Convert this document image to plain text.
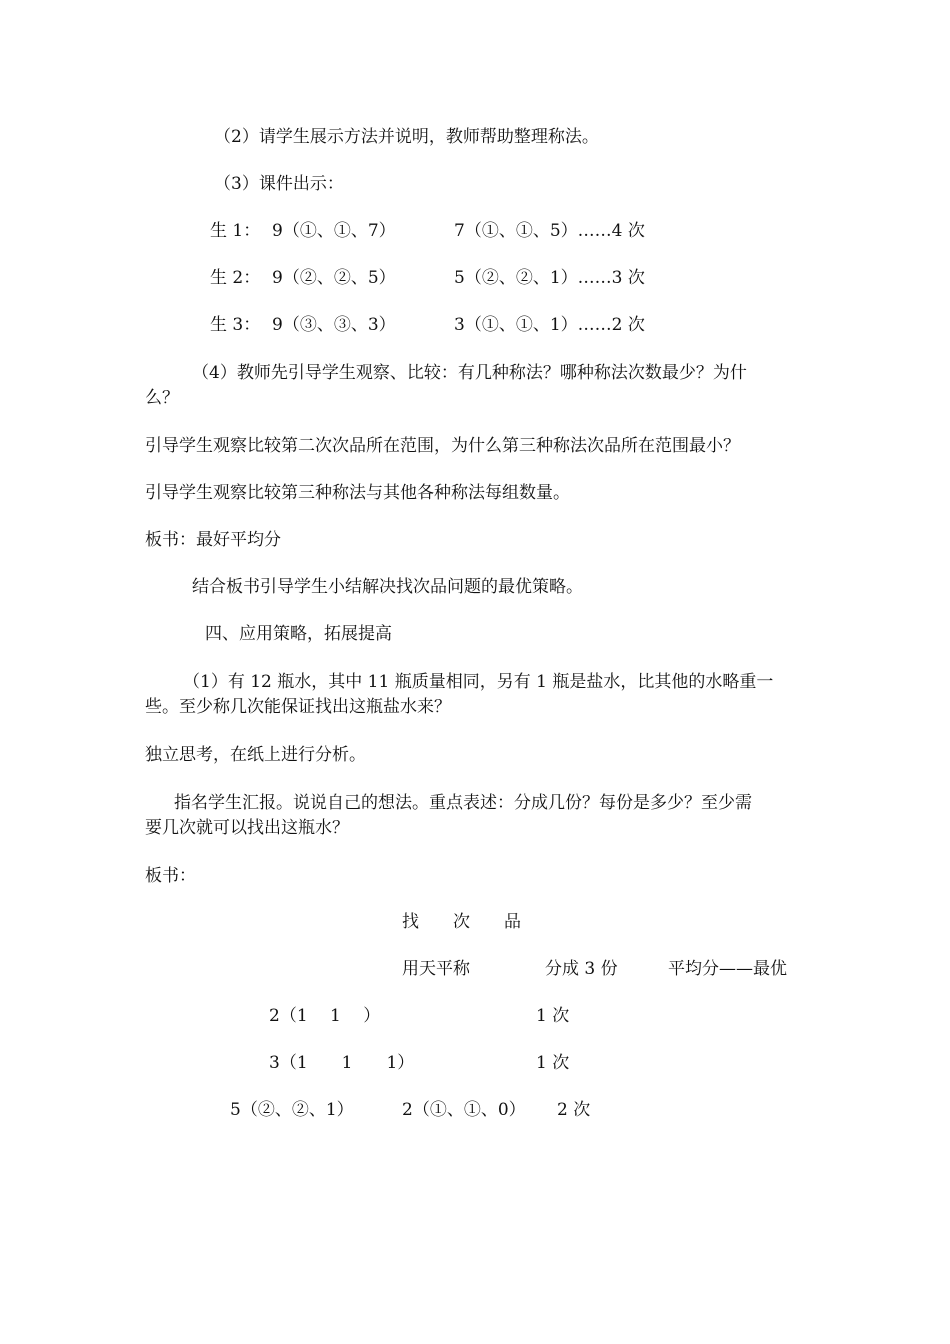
（2）请学生展示方法并说明，教师帮助整理称法。
（3）课件出示：
生 1： 9（①、①、7）	7（①、①、5）……4 次
生 2： 9（②、②、5）	5（②、②、1）……3 次
生 3： 9（③、③、3）	3（①、①、1）……2 次
（4）教师先引导学生观察、比较：有几种称法？哪种称法次数最少？为什
么？
引导学生观察比较第二次次品所在范围，为什么第三种称法次品所在范围最小？
引导学生观察比较第三种称法与其他各种称法每组数量。
板书：最好平均分
结合板书引导学生小结解决找次品问题的最优策略。
四、应用策略，拓展提高
（1）有 12 瓶水，其中 11 瓶质量相同，另有 1 瓶是盐水，比其他的水略重一
些。至少称几次能保证找出这瓶盐水来？
独立思考，在纸上进行分析。
指名学生汇报。说说自己的想法。重点表述：分成几份？每份是多少？至少需
要几次就可以找出这瓶水？
板书：
找　　次　　品
用天平称	分成 3 份	平均分——最优
2（1　 1　 ）	1 次
3（1　　1　　1）	1 次
5（②、②、1）	2（①、①、0） 2 次
